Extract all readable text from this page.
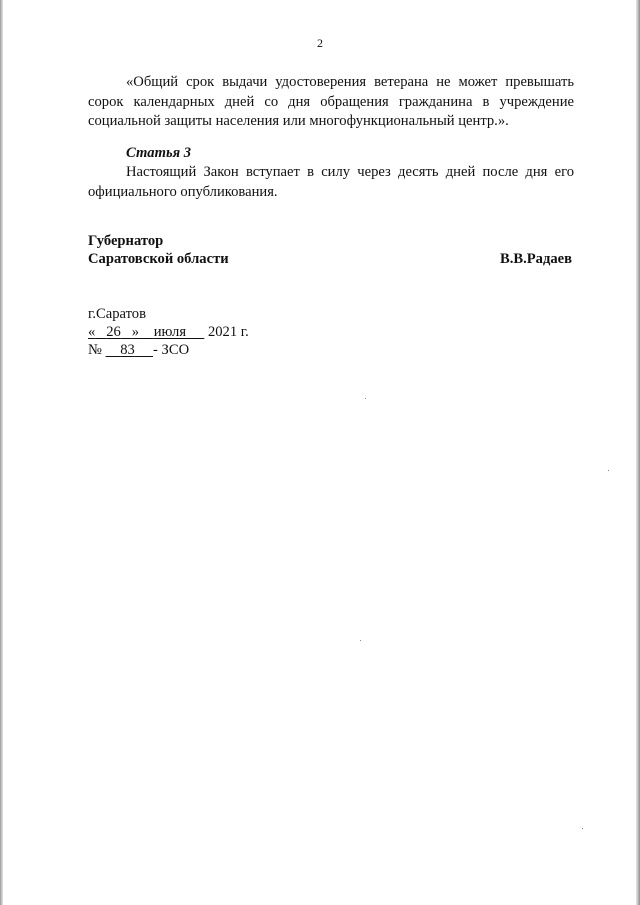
2

«Общий срок выдачи удостоверения ветерана не может превышать сорок календарных дней со дня обращения гражданина в учреждение социальной защиты населения или многофункциональный центр.».

Статья 3

Настоящий Закон вступает в силу через десять дней после дня его официального опубликования.

Губернатор
Саратовской области	В.В.Радаев
г.Саратов
« 26 » июля 2021 г.
№ 83 - ЗСО
